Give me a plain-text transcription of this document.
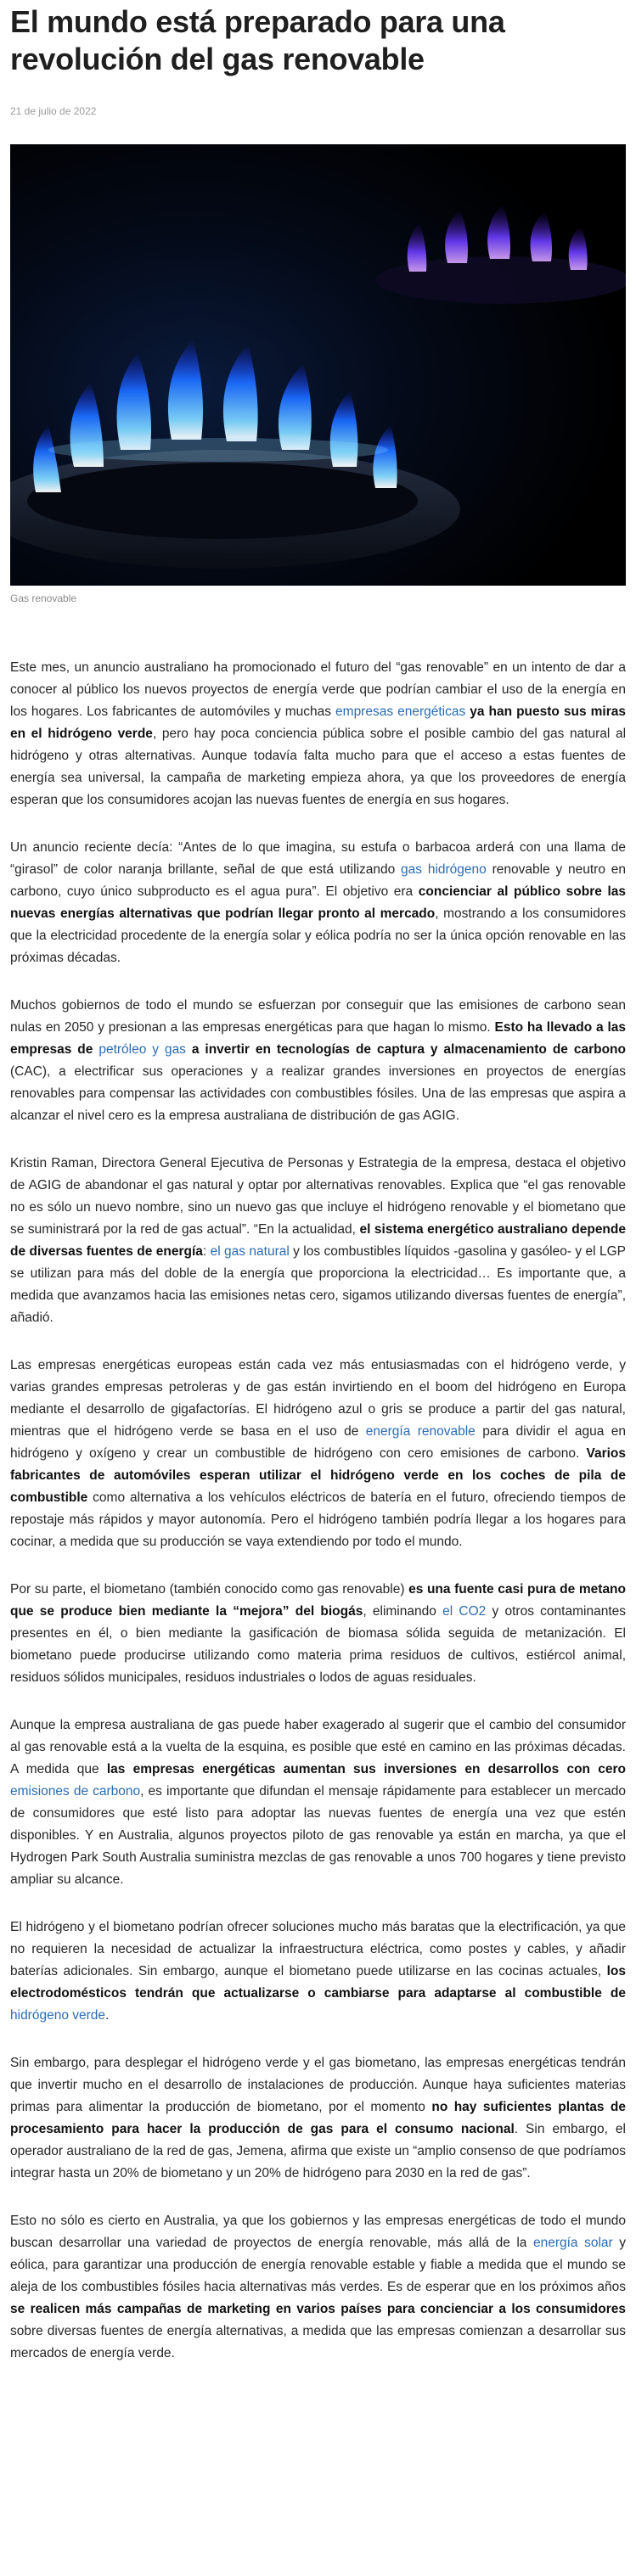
El mundo está preparado para una revolución del gas renovable
21 de julio de 2022
Gas renovable

Este mes, un anuncio australiano ha promocionado el futuro del “gas renovable” en un intento de dar a conocer al público los nuevos proyectos de energía verde que podrían cambiar el uso de la energía en los hogares. Los fabricantes de automóviles y muchas empresas energéticas ya han puesto sus miras en el hidrógeno verde, pero hay poca conciencia pública sobre el posible cambio del gas natural al hidrógeno y otras alternativas. Aunque todavía falta mucho para que el acceso a estas fuentes de energía sea universal, la campaña de marketing empieza ahora, ya que los proveedores de energía esperan que los consumidores acojan las nuevas fuentes de energía en sus hogares.

Un anuncio reciente decía: “Antes de lo que imagina, su estufa o barbacoa arderá con una llama de “girasol” de color naranja brillante, señal de que está utilizando gas hidrógeno renovable y neutro en carbono, cuyo único subproducto es el agua pura”. El objetivo era concienciar al público sobre las nuevas energías alternativas que podrían llegar pronto al mercado, mostrando a los consumidores que la electricidad procedente de la energía solar y eólica podría no ser la única opción renovable en las próximas décadas.

Muchos gobiernos de todo el mundo se esfuerzan por conseguir que las emisiones de carbono sean nulas en 2050 y presionan a las empresas energéticas para que hagan lo mismo. Esto ha llevado a las empresas de petróleo y gas a invertir en tecnologías de captura y almacenamiento de carbono (CAC), a electrificar sus operaciones y a realizar grandes inversiones en proyectos de energías renovables para compensar las actividades con combustibles fósiles. Una de las empresas que aspira a alcanzar el nivel cero es la empresa australiana de distribución de gas AGIG.

Kristin Raman, Directora General Ejecutiva de Personas y Estrategia de la empresa, destaca el objetivo de AGIG de abandonar el gas natural y optar por alternativas renovables. Explica que “el gas renovable no es sólo un nuevo nombre, sino un nuevo gas que incluye el hidrógeno renovable y el biometano que se suministrará por la red de gas actual”. “En la actualidad, el sistema energético australiano depende de diversas fuentes de energía: el gas natural y los combustibles líquidos -gasolina y gasóleo- y el LGP se utilizan para más del doble de la energía que proporciona la electricidad… Es importante que, a medida que avanzamos hacia las emisiones netas cero, sigamos utilizando diversas fuentes de energía”, añadió.

Las empresas energéticas europeas están cada vez más entusiasmadas con el hidrógeno verde, y varias grandes empresas petroleras y de gas están invirtiendo en el boom del hidrógeno en Europa mediante el desarrollo de gigafactorías. El hidrógeno azul o gris se produce a partir del gas natural, mientras que el hidrógeno verde se basa en el uso de energía renovable para dividir el agua en hidrógeno y oxígeno y crear un combustible de hidrógeno con cero emisiones de carbono. Varios fabricantes de automóviles esperan utilizar el hidrógeno verde en los coches de pila de combustible como alternativa a los vehículos eléctricos de batería en el futuro, ofreciendo tiempos de repostaje más rápidos y mayor autonomía. Pero el hidrógeno también podría llegar a los hogares para cocinar, a medida que su producción se vaya extendiendo por todo el mundo.

Por su parte, el biometano (también conocido como gas renovable) es una fuente casi pura de metano que se produce bien mediante la “mejora” del biogás, eliminando el CO2 y otros contaminantes presentes en él, o bien mediante la gasificación de biomasa sólida seguida de metanización. El biometano puede producirse utilizando como materia prima residuos de cultivos, estiércol animal, residuos sólidos municipales, residuos industriales o lodos de aguas residuales.

Aunque la empresa australiana de gas puede haber exagerado al sugerir que el cambio del consumidor al gas renovable está a la vuelta de la esquina, es posible que esté en camino en las próximas décadas. A medida que las empresas energéticas aumentan sus inversiones en desarrollos con cero emisiones de carbono, es importante que difundan el mensaje rápidamente para establecer un mercado de consumidores que esté listo para adoptar las nuevas fuentes de energía una vez que estén disponibles. Y en Australia, algunos proyectos piloto de gas renovable ya están en marcha, ya que el Hydrogen Park South Australia suministra mezclas de gas renovable a unos 700 hogares y tiene previsto ampliar su alcance.

El hidrógeno y el biometano podrían ofrecer soluciones mucho más baratas que la electrificación, ya que no requieren la necesidad de actualizar la infraestructura eléctrica, como postes y cables, y añadir baterías adicionales. Sin embargo, aunque el biometano puede utilizarse en las cocinas actuales, los electrodomésticos tendrán que actualizarse o cambiarse para adaptarse al combustible de hidrógeno verde.

Sin embargo, para desplegar el hidrógeno verde y el gas biometano, las empresas energéticas tendrán que invertir mucho en el desarrollo de instalaciones de producción. Aunque haya suficientes materias primas para alimentar la producción de biometano, por el momento no hay suficientes plantas de procesamiento para hacer la producción de gas para el consumo nacional. Sin embargo, el operador australiano de la red de gas, Jemena, afirma que existe un “amplio consenso de que podríamos integrar hasta un 20% de biometano y un 20% de hidrógeno para 2030 en la red de gas”.

Esto no sólo es cierto en Australia, ya que los gobiernos y las empresas energéticas de todo el mundo buscan desarrollar una variedad de proyectos de energía renovable, más allá de la energía solar y eólica, para garantizar una producción de energía renovable estable y fiable a medida que el mundo se aleja de los combustibles fósiles hacia alternativas más verdes. Es de esperar que en los próximos años se realicen más campañas de marketing en varios países para concienciar a los consumidores sobre diversas fuentes de energía alternativas, a medida que las empresas comienzan a desarrollar sus mercados de energía verde.
